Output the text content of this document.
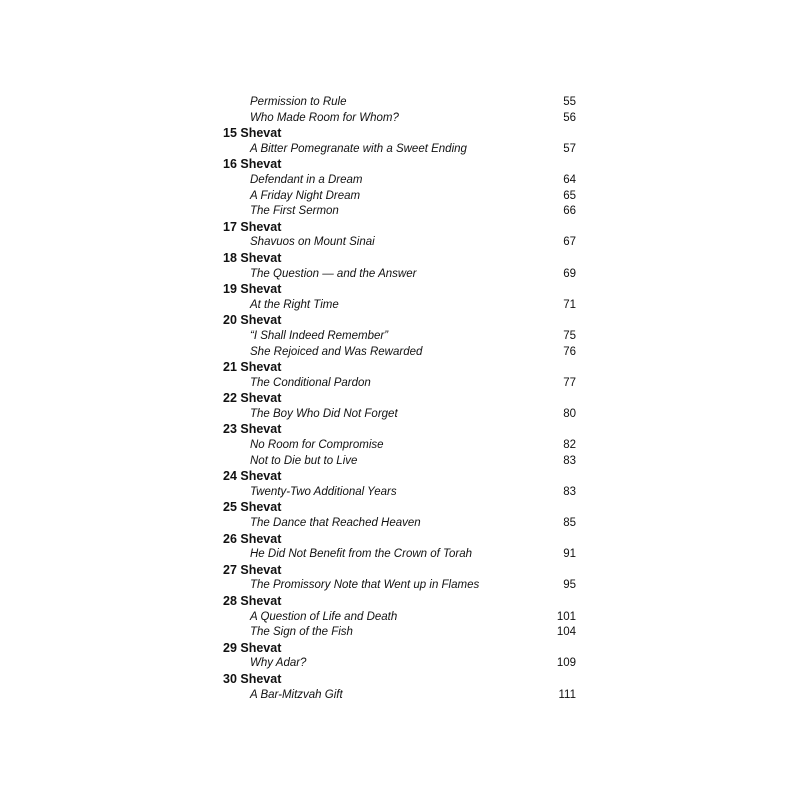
Permission to Rule	55
Who Made Room for Whom?	56
15 Shevat
A Bitter Pomegranate with a Sweet Ending	57
16 Shevat
Defendant in a Dream	64
A Friday Night Dream	65
The First Sermon	66
17 Shevat
Shavuos on Mount Sinai	67
18 Shevat
The Question — and the Answer	69
19 Shevat
At the Right Time	71
20 Shevat
“I Shall Indeed Remember”	75
She Rejoiced and Was Rewarded	76
21 Shevat
The Conditional Pardon	77
22 Shevat
The Boy Who Did Not Forget	80
23 Shevat
No Room for Compromise	82
Not to Die but to Live	83
24 Shevat
Twenty-Two Additional Years	83
25 Shevat
The Dance that Reached Heaven	85
26 Shevat
He Did Not Benefit from the Crown of Torah	91
27 Shevat
The Promissory Note that Went up in Flames	95
28 Shevat
A Question of Life and Death	101
The Sign of the Fish	104
29 Shevat
Why Adar?	109
30 Shevat
A Bar-Mitzvah Gift	111
